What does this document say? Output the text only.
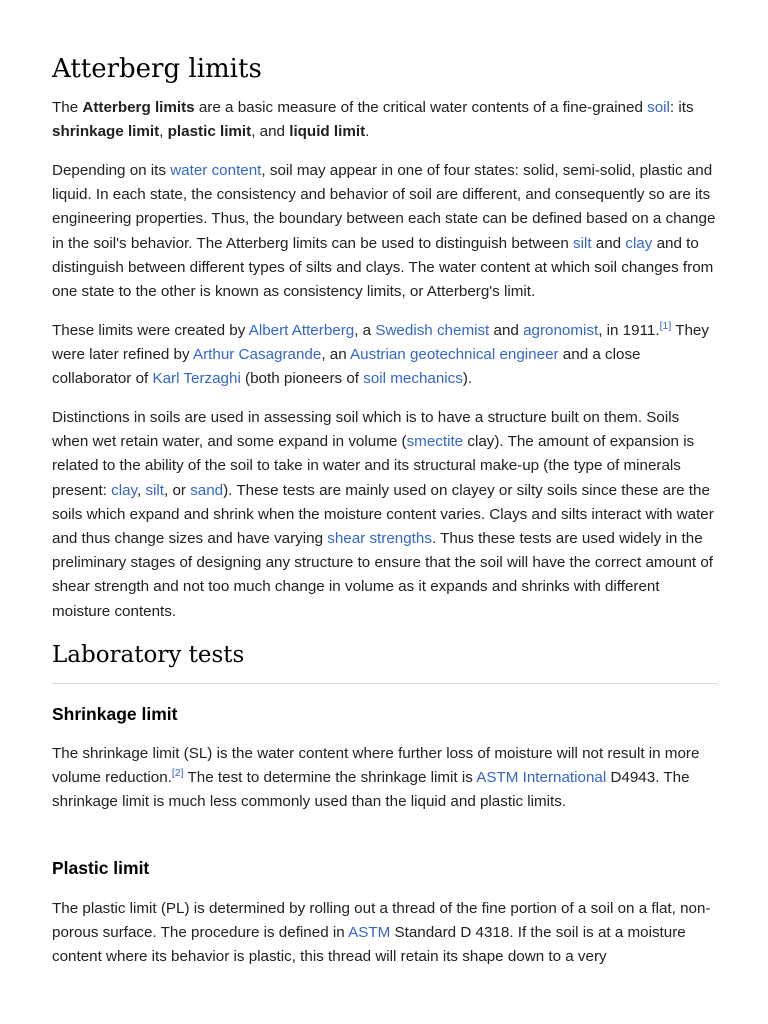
Atterberg limits

The Atterberg limits are a basic measure of the critical water contents of a fine-grained soil: its shrinkage limit, plastic limit, and liquid limit.

Depending on its water content, soil may appear in one of four states: solid, semi-solid, plastic and liquid. In each state, the consistency and behavior of soil are different, and consequently so are its engineering properties. Thus, the boundary between each state can be defined based on a change in the soil's behavior. The Atterberg limits can be used to distinguish between silt and clay and to distinguish between different types of silts and clays. The water content at which soil changes from one state to the other is known as consistency limits, or Atterberg's limit.

These limits were created by Albert Atterberg, a Swedish chemist and agronomist, in 1911.[1] They were later refined by Arthur Casagrande, an Austrian geotechnical engineer and a close collaborator of Karl Terzaghi (both pioneers of soil mechanics).

Distinctions in soils are used in assessing soil which is to have a structure built on them. Soils when wet retain water, and some expand in volume (smectite clay). The amount of expansion is related to the ability of the soil to take in water and its structural make-up (the type of minerals present: clay, silt, or sand). These tests are mainly used on clayey or silty soils since these are the soils which expand and shrink when the moisture content varies. Clays and silts interact with water and thus change sizes and have varying shear strengths. Thus these tests are used widely in the preliminary stages of designing any structure to ensure that the soil will have the correct amount of shear strength and not too much change in volume as it expands and shrinks with different moisture contents.

Laboratory tests
Shrinkage limit

The shrinkage limit (SL) is the water content where further loss of moisture will not result in more volume reduction.[2] The test to determine the shrinkage limit is ASTM International D4943. The shrinkage limit is much less commonly used than the liquid and plastic limits.

Plastic limit

The plastic limit (PL) is determined by rolling out a thread of the fine portion of a soil on a flat, non-porous surface. The procedure is defined in ASTM Standard D 4318. If the soil is at a moisture content where its behavior is plastic, this thread will retain its shape down to a very
